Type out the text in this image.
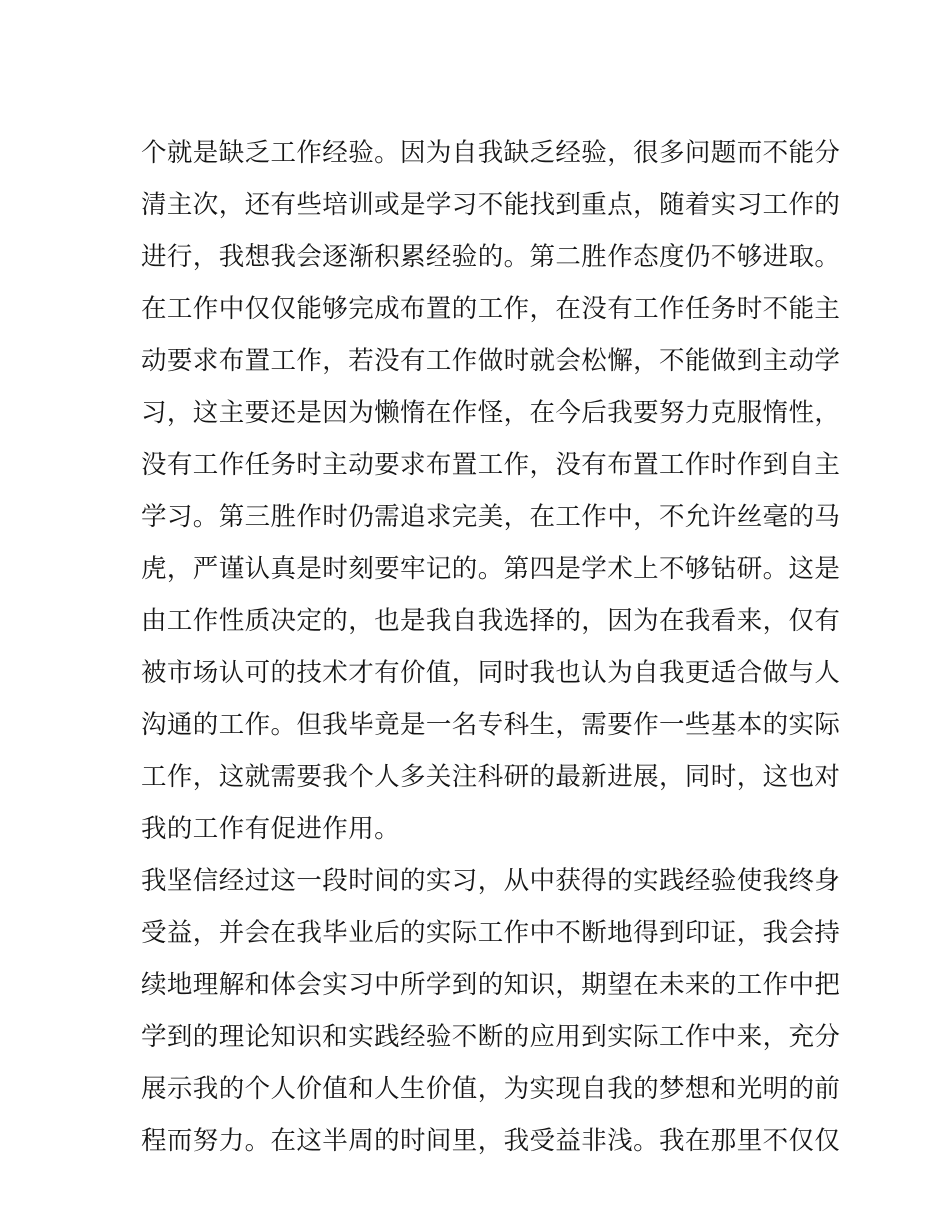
个就是缺乏工作经验。因为自我缺乏经验，很多问题而不能分
清主次，还有些培训或是学习不能找到重点，随着实习工作的
进行，我想我会逐渐积累经验的。第二胜作态度仍不够进取。
在工作中仅仅能够完成布置的工作，在没有工作任务时不能主
动要求布置工作，若没有工作做时就会松懈，不能做到主动学
习，这主要还是因为懒惰在作怪，在今后我要努力克服惰性，
没有工作任务时主动要求布置工作，没有布置工作时作到自主
学习。第三胜作时仍需追求完美，在工作中，不允许丝毫的马
虎，严谨认真是时刻要牢记的。第四是学术上不够钻研。这是
由工作性质决定的，也是我自我选择的，因为在我看来，仅有
被市场认可的技术才有价值，同时我也认为自我更适合做与人
沟通的工作。但我毕竟是一名专科生，需要作一些基本的实际
工作，这就需要我个人多关注科研的最新进展，同时，这也对
我的工作有促进作用。
我坚信经过这一段时间的实习，从中获得的实践经验使我终身
受益，并会在我毕业后的实际工作中不断地得到印证，我会持
续地理解和体会实习中所学到的知识，期望在未来的工作中把
学到的理论知识和实践经验不断的应用到实际工作中来，充分
展示我的个人价值和人生价值，为实现自我的梦想和光明的前
程而努力。在这半周的时间里，我受益非浅。我在那里不仅仅
